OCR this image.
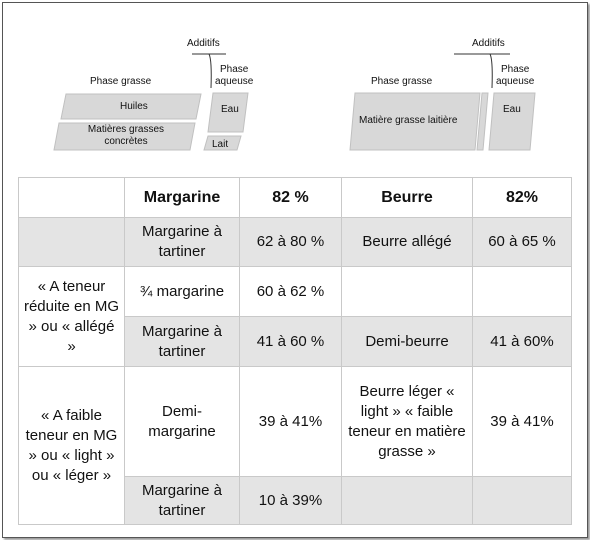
Additifs
Phase grasse
Phase
aqueuse
Huiles
Matières grasses
concrètes
Eau
Lait
Additifs
Phase grasse
Phase
aqueuse
Matière grasse laitière
Eau
	Margarine	82 %	Beurre	82%
	Margarine à tartiner	62 à 80 %	Beurre allégé	60 à 65 %
« A teneur réduite en MG » ou « allégé »	¾ margarine	60 à 62 %		
	Margarine à tartiner	41 à 60 %	Demi-beurre	41 à 60%
« A faible teneur en MG » ou « light » ou « léger »	Demi-margarine	39 à 41%	Beurre léger « light » « faible teneur en matière grasse »	39 à 41%
	Margarine à tartiner	10 à 39%		
